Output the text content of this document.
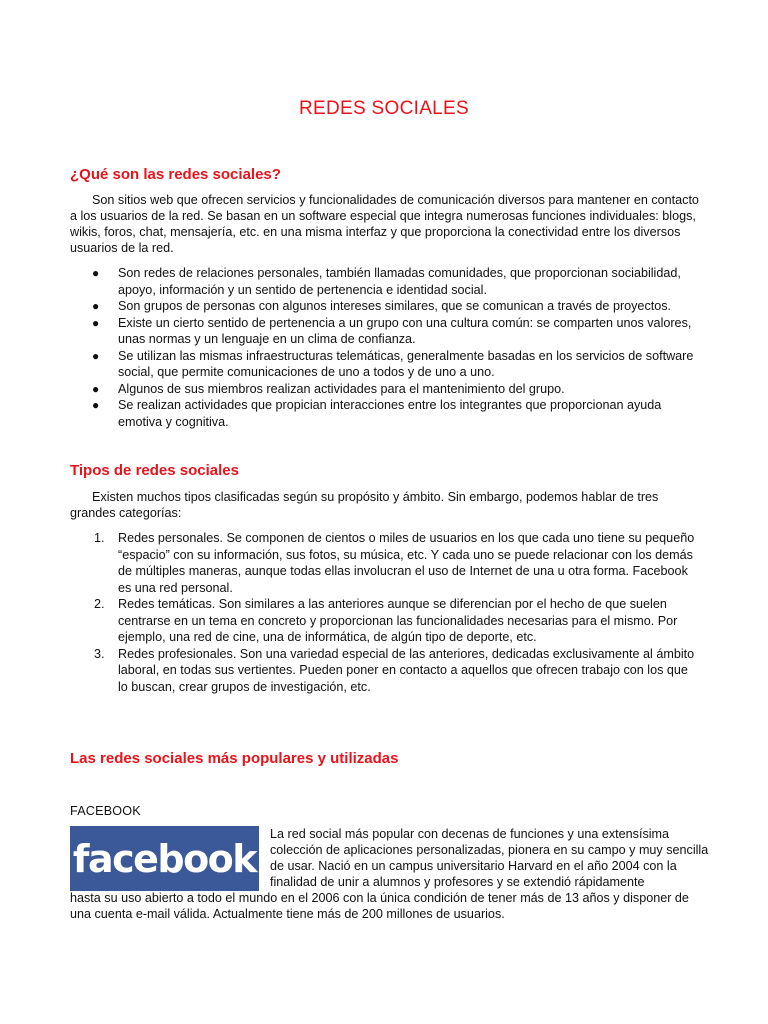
REDES SOCIALES
¿Qué son las redes sociales?

Son sitios web que ofrecen servicios y funcionalidades de comunicación diversos para mantener en contacto a los usuarios de la red. Se basan en un software especial que integra numerosas funciones individuales: blogs, wikis, foros, chat, mensajería, etc. en una misma interfaz y que proporciona la conectividad entre los diversos usuarios de la red.

● Son redes de relaciones personales, también llamadas comunidades, que proporcionan sociabilidad, apoyo, información y un sentido de pertenencia e identidad social.
● Son grupos de personas con algunos intereses similares, que se comunican a través de proyectos.
● Existe un cierto sentido de pertenencia a un grupo con una cultura común: se comparten unos valores, unas normas y un lenguaje en un clima de confianza.
● Se utilizan las mismas infraestructuras telemáticas, generalmente basadas en los servicios de software social, que permite comunicaciones de uno a todos y de uno a uno.
● Algunos de sus miembros realizan actividades para el mantenimiento del grupo.
● Se realizan actividades que propician interacciones entre los integrantes que proporcionan ayuda emotiva y cognitiva.
Tipos de redes sociales

Existen muchos tipos clasificadas según su propósito y ámbito. Sin embargo, podemos hablar de tres grandes categorías:

1. Redes personales. Se componen de cientos o miles de usuarios en los que cada uno tiene su pequeño “espacio” con su información, sus fotos, su música, etc. Y cada uno se puede relacionar con los demás de múltiples maneras, aunque todas ellas involucran el uso de Internet de una u otra forma. Facebook es una red personal.
2. Redes temáticas. Son similares a las anteriores aunque se diferencian por el hecho de que suelen centrarse en un tema en concreto y proporcionan las funcionalidades necesarias para el mismo. Por ejemplo, una red de cine, una de informática, de algún tipo de deporte, etc.
3. Redes profesionales. Son una variedad especial de las anteriores, dedicadas exclusivamente al ámbito laboral, en todas sus vertientes. Pueden poner en contacto a aquellos que ofrecen trabajo con los que lo buscan, crear grupos de investigación, etc.
Las redes sociales más populares y utilizadas
FACEBOOK
facebook

La red social más popular con decenas de funciones y una extensísima colección de aplicaciones personalizadas, pionera en su campo y muy sencilla de usar. Nació en un campus universitario Harvard en el año 2004 con la finalidad de unir a alumnos y profesores y se extendió rápidamente

hasta su uso abierto a todo el mundo en el 2006 con la única condición de tener más de 13 años y disponer de una cuenta e-mail válida. Actualmente tiene más de 200 millones de usuarios.
